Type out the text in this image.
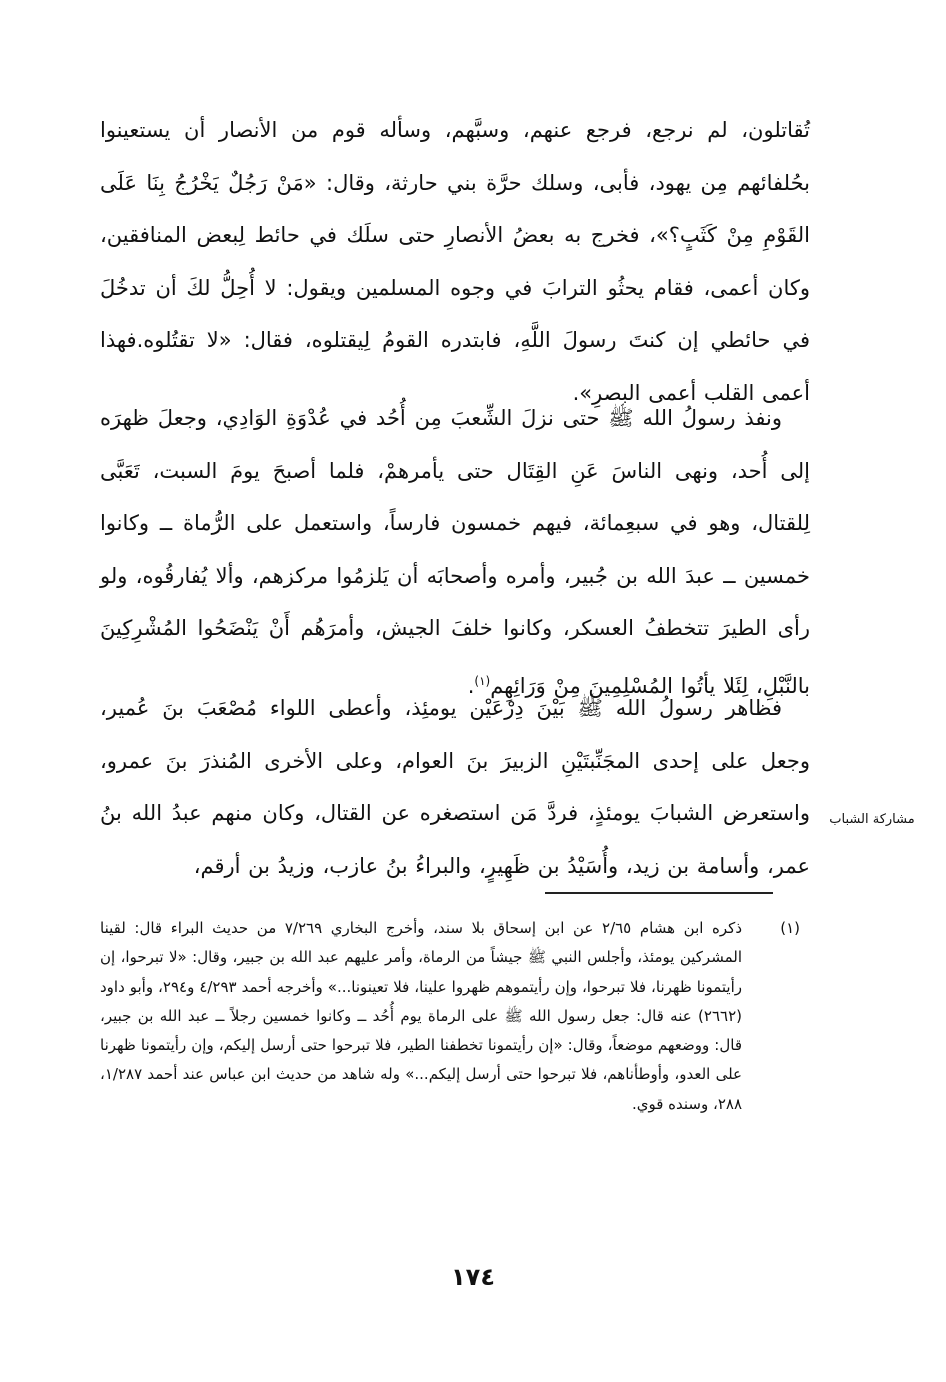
تُقاتلون، لم نرجع، فرجع عنهم، وسبَّهم، وسأله قوم من الأنصار أن يستعينوا بحُلفائهم مِن يهود، فأبى، وسلك حرَّة بني حارثة، وقال: «مَنْ رَجُلٌ يَخْرُجُ بِنَا عَلَى القَوْمِ مِنْ كَثَبٍ؟»، فخرج به بعضُ الأنصارِ حتى سلَك في حائط لِبعض المنافقين، وكان أعمى، فقام يحثُو الترابَ في وجوه المسلمين ويقول: لا أُحِلُّ لكَ أن تدخُلَ في حائطي إن كنتَ رسولَ اللَّهِ، فابتدره القومُ لِيقتلوه، فقال: «لا تقتُلوه.فهذا أعمى القلب أعمى البصرِ».

ونفذ رسولُ الله ﷺ حتى نزلَ الشِّعبَ مِن أُحُد في عُدْوَةِ الوَادِي، وجعلَ ظهرَه إلى أُحد، ونهى الناسَ عَنِ القِتَال حتى يأمرهمْ، فلما أصبحَ يومَ السبت، تَعَبَّى لِلقتال، وهو في سبعِمائة، فيهم خمسون فارساً، واستعمل على الرُّماة ــ وكانوا خمسين ــ عبدَ الله بن جُبير، وأمره وأصحابَه أن يَلزمُوا مركزهم، وألا يُفارقُوه، ولو رأى الطيرَ تتخطفُ العسكر، وكانوا خلفَ الجيش، وأمرَهُم أَنْ يَنْضَحُوا المُشْرِكِينَ بالنَّبْلِ، لِئَلا يأتُوا المُسْلِمِينَ مِنْ وَرَائِهِم$^{(١)}$.

فظاهر رسولُ الله ﷺ بَيْنَ دِرْعَيْن يومئِذ، وأعطى اللواء مُصْعَبَ بنَ عُمير، وجعل على إحدى المجَنِّبتَيْنِ الزبيرَ بنَ العوام، وعلى الأخرى المُنذرَ بنَ عمرو، واستعرض الشبابَ يومئذٍ، فردَّ مَن استصغره عن القتال، وكان منهم عبدُ الله بنُ عمر، وأسامة بن زيد، وأُسَيْدُ بن ظَهِيرٍ، والبراءُ بنُ عازب، وزيدُ بن أرقم،

مشاركة الشباب
(١)

ذكره ابن هشام ٢/٦٥ عن ابن إسحاق بلا سند، وأخرج البخاري ٧/٢٦٩ من حديث البراء قال: لقينا المشركين يومئذ، وأجلس النبي ﷺ جيشاً من الرماة، وأمر عليهم عبد الله بن جبير، وقال: «لا تبرحوا، إن رأيتمونا ظهرنا، فلا تبرحوا، وإن رأيتموهم ظهروا علينا، فلا تعينونا...» وأخرجه أحمد ٤/٢٩٣ و٢٩٤، وأبو داود (٢٦٦٢) عنه قال: جعل رسول الله ﷺ على الرماة يوم أُحُد ــ وكانوا خمسين رجلاً ــ عبد الله بن جبير، قال: ووضعهم موضعاً، وقال: «إن رأيتمونا تخطفنا الطير، فلا تبرحوا حتى أرسل إليكم، وإن رأيتمونا ظهرنا على العدو، وأوطأناهم، فلا تبرحوا حتى أرسل إليكم...» وله شاهد من حديث ابن عباس عند أحمد ١/٢٨٧، ٢٨٨، وسنده قوي.

١٧٤
